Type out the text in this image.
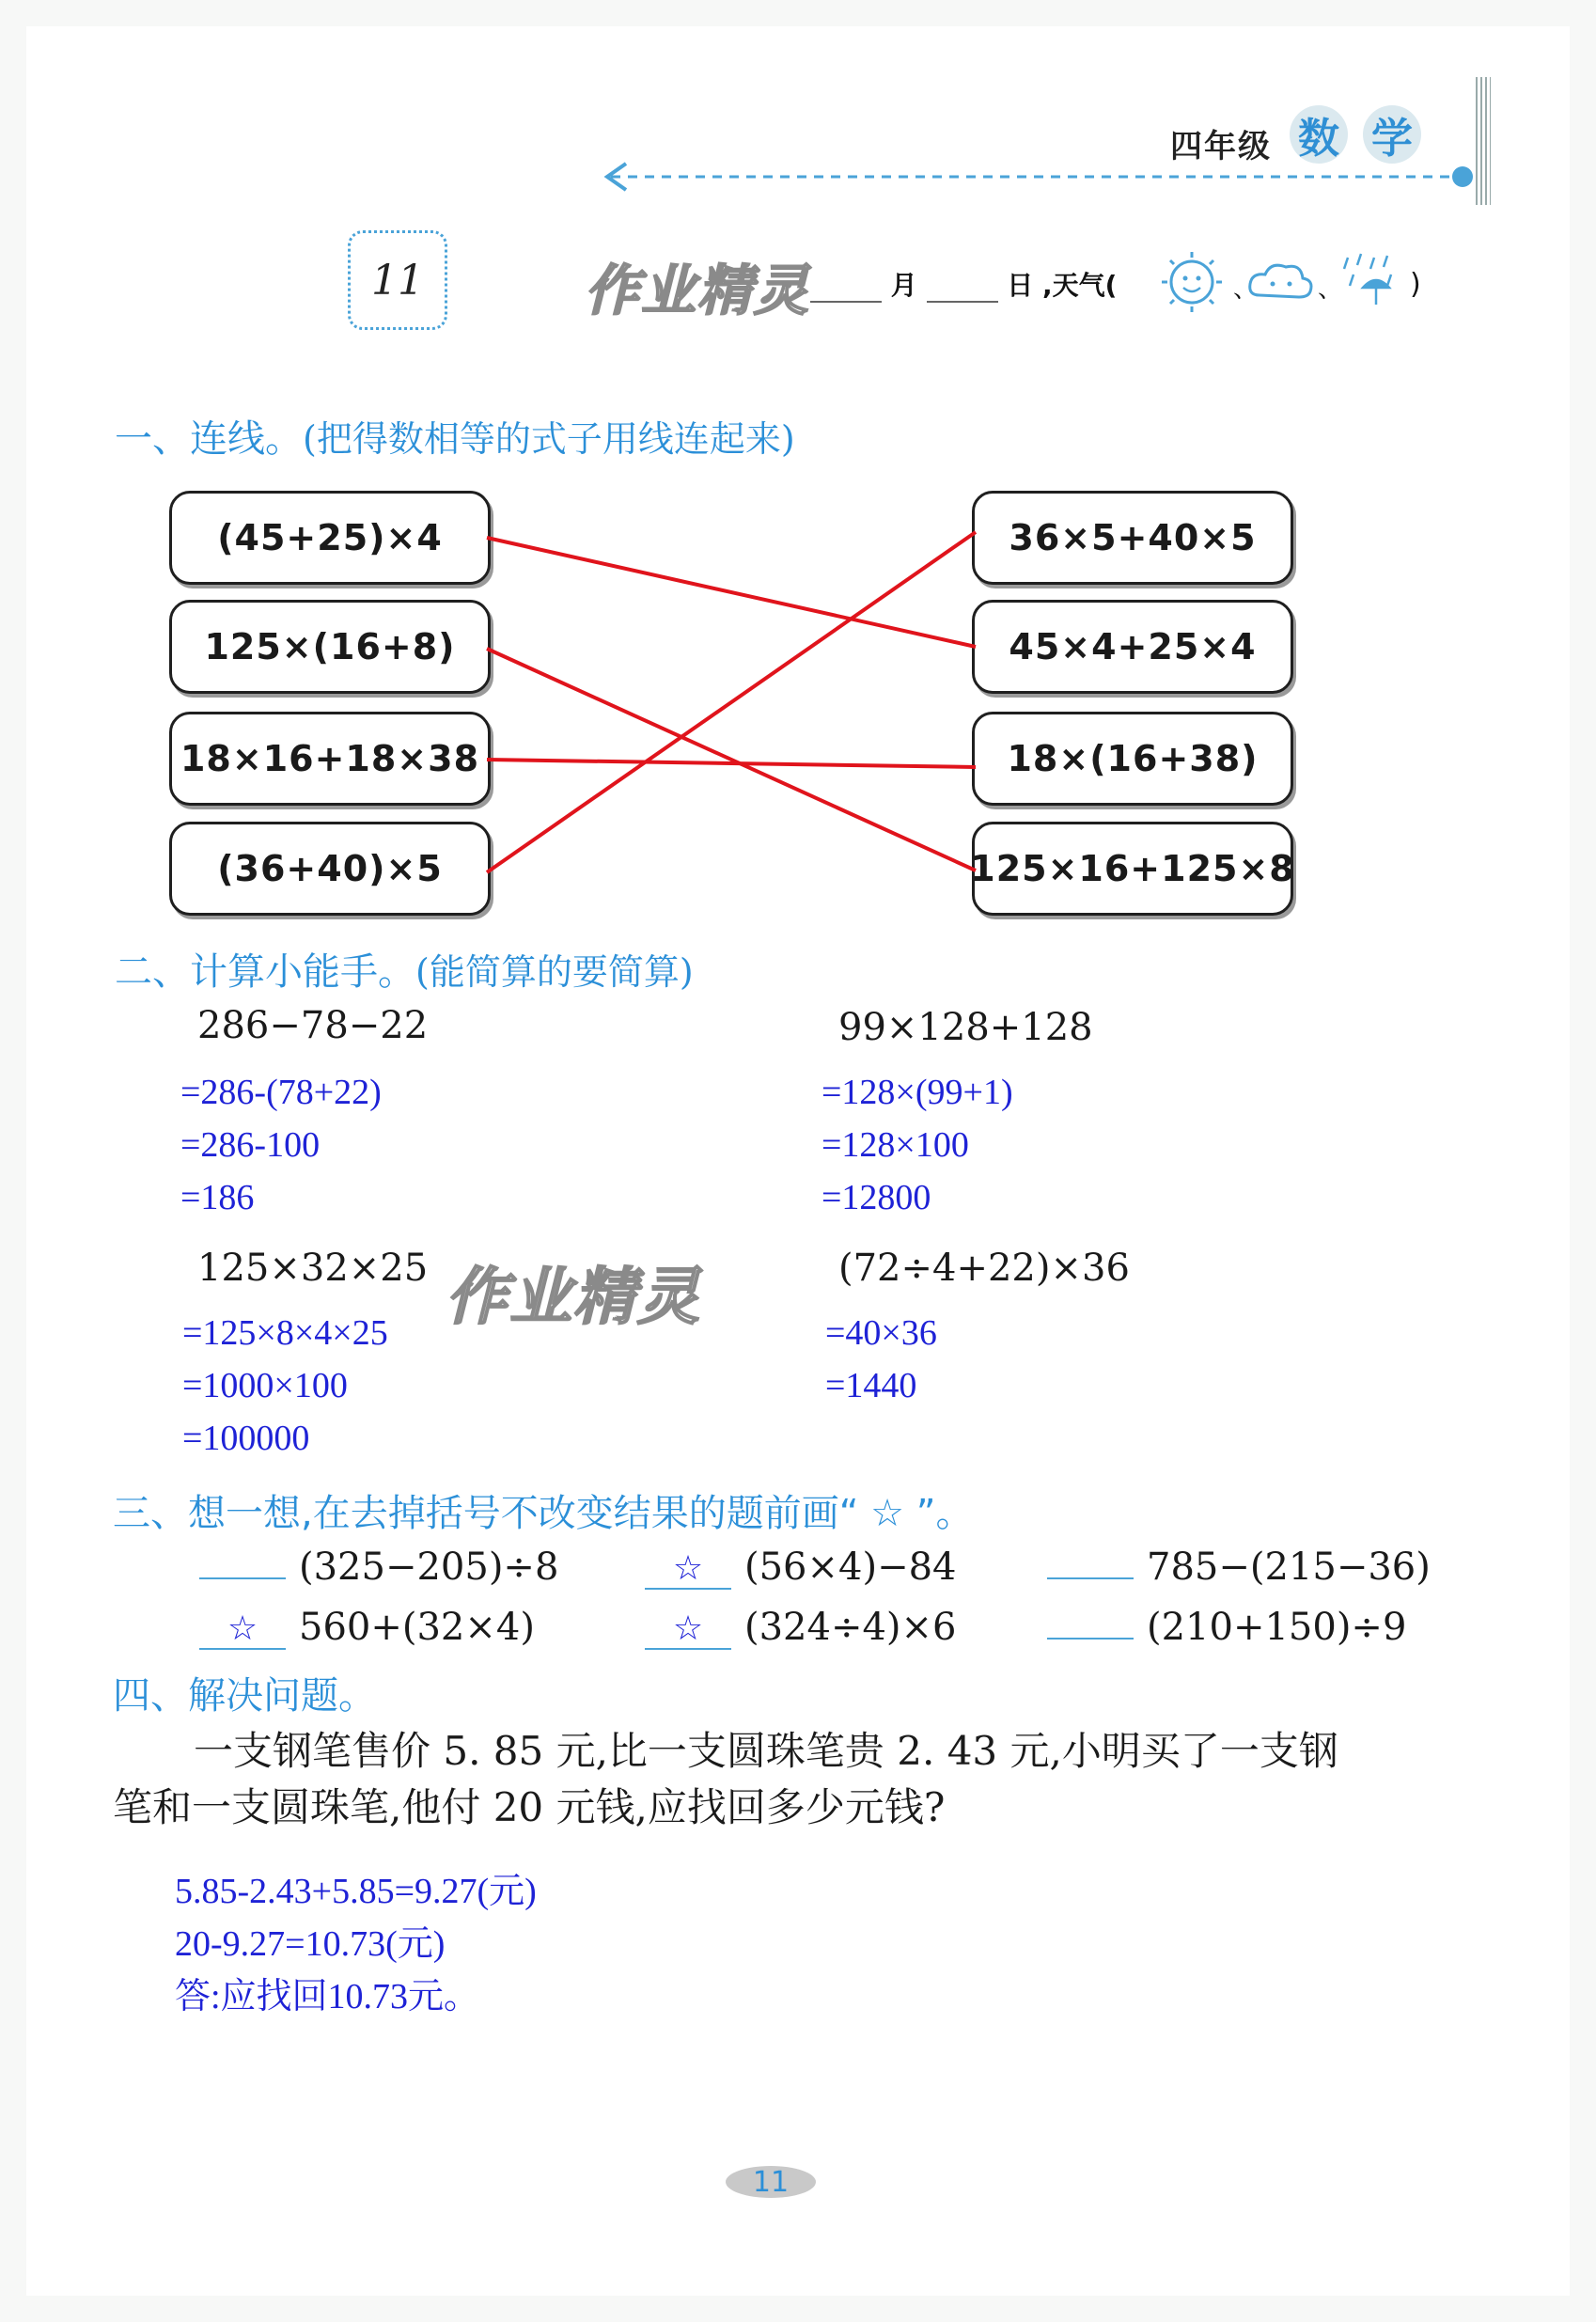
四年级 数 学
11	作业精灵	月	日 ,天气(	、 、 )
一、连线。(把得数相等的式子用线连起来)
(45+25)×4
125×(16+8)
18×16+18×38
(36+40)×5
36×5+40×5
45×4+25×4
18×(16+38)
125×16+125×8
二、计算小能手。(能简算的要简算)
286−78−22
=286-(78+22)
=286-100
=186
99×128+128
=128×(99+1)
=128×100
=12800
125×32×25 作业精灵
=125×8×4×25
=1000×100
=100000
(72÷4+22)×36
=40×36
=1440
三、想一想,在去掉括号不改变结果的题前画“ ☆ ”。
(325−205)÷8	☆ (56×4)−84	785−(215−36)
☆ 560+(32×4)	☆ (324÷4)×6	(210+150)÷9
四、解决问题。
一支钢笔售价 5. 85 元,比一支圆珠笔贵 2. 43 元,小明买了一支钢
笔和一支圆珠笔,他付 20 元钱,应找回多少元钱?
5.85-2.43+5.85=9.27(元)
20-9.27=10.73(元)
答:应找回10.73元。
11
